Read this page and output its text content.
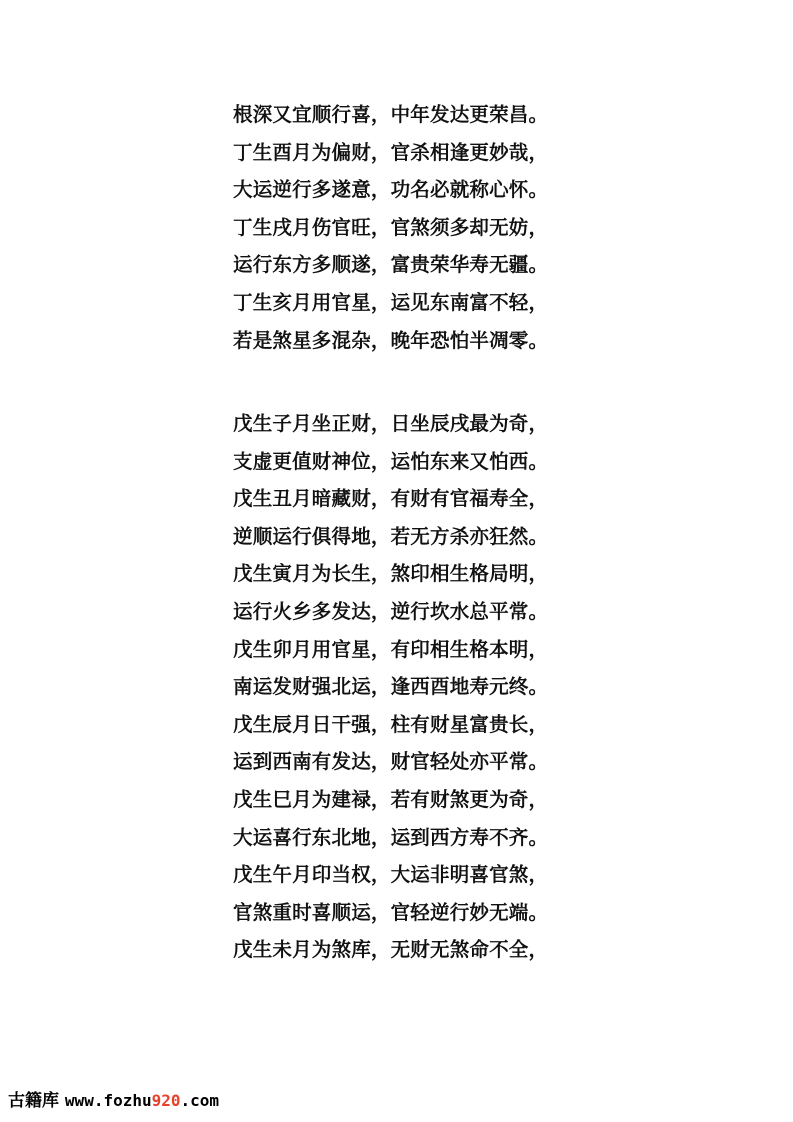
根深又宜顺行喜，中年发达更荣昌。
丁生酉月为偏财，官杀相逢更妙哉，
大运逆行多遂意，功名必就称心怀。
丁生戌月伤官旺，官煞须多却无妨，
运行东方多顺遂，富贵荣华寿无疆。
丁生亥月用官星，运见东南富不轻，
若是煞星多混杂，晚年恐怕半凋零。
戊生子月坐正财，日坐辰戌最为奇，
支虚更值财神位，运怕东来又怕西。
戊生丑月暗藏财，有财有官福寿全，
逆顺运行俱得地，若无方杀亦狂然。
戊生寅月为长生，煞印相生格局明，
运行火乡多发达，逆行坎水总平常。
戊生卯月用官星，有印相生格本明，
南运发财强北运，逢西酉地寿元终。
戊生辰月日干强，柱有财星富贵长，
运到西南有发达，财官轻处亦平常。
戊生巳月为建禄，若有财煞更为奇，
大运喜行东北地，运到西方寿不齐。
戊生午月印当权，大运非明喜官煞，
官煞重时喜顺运，官轻逆行妙无端。
戊生未月为煞库，无财无煞命不全，
古籍库 www.fozhu920.com
